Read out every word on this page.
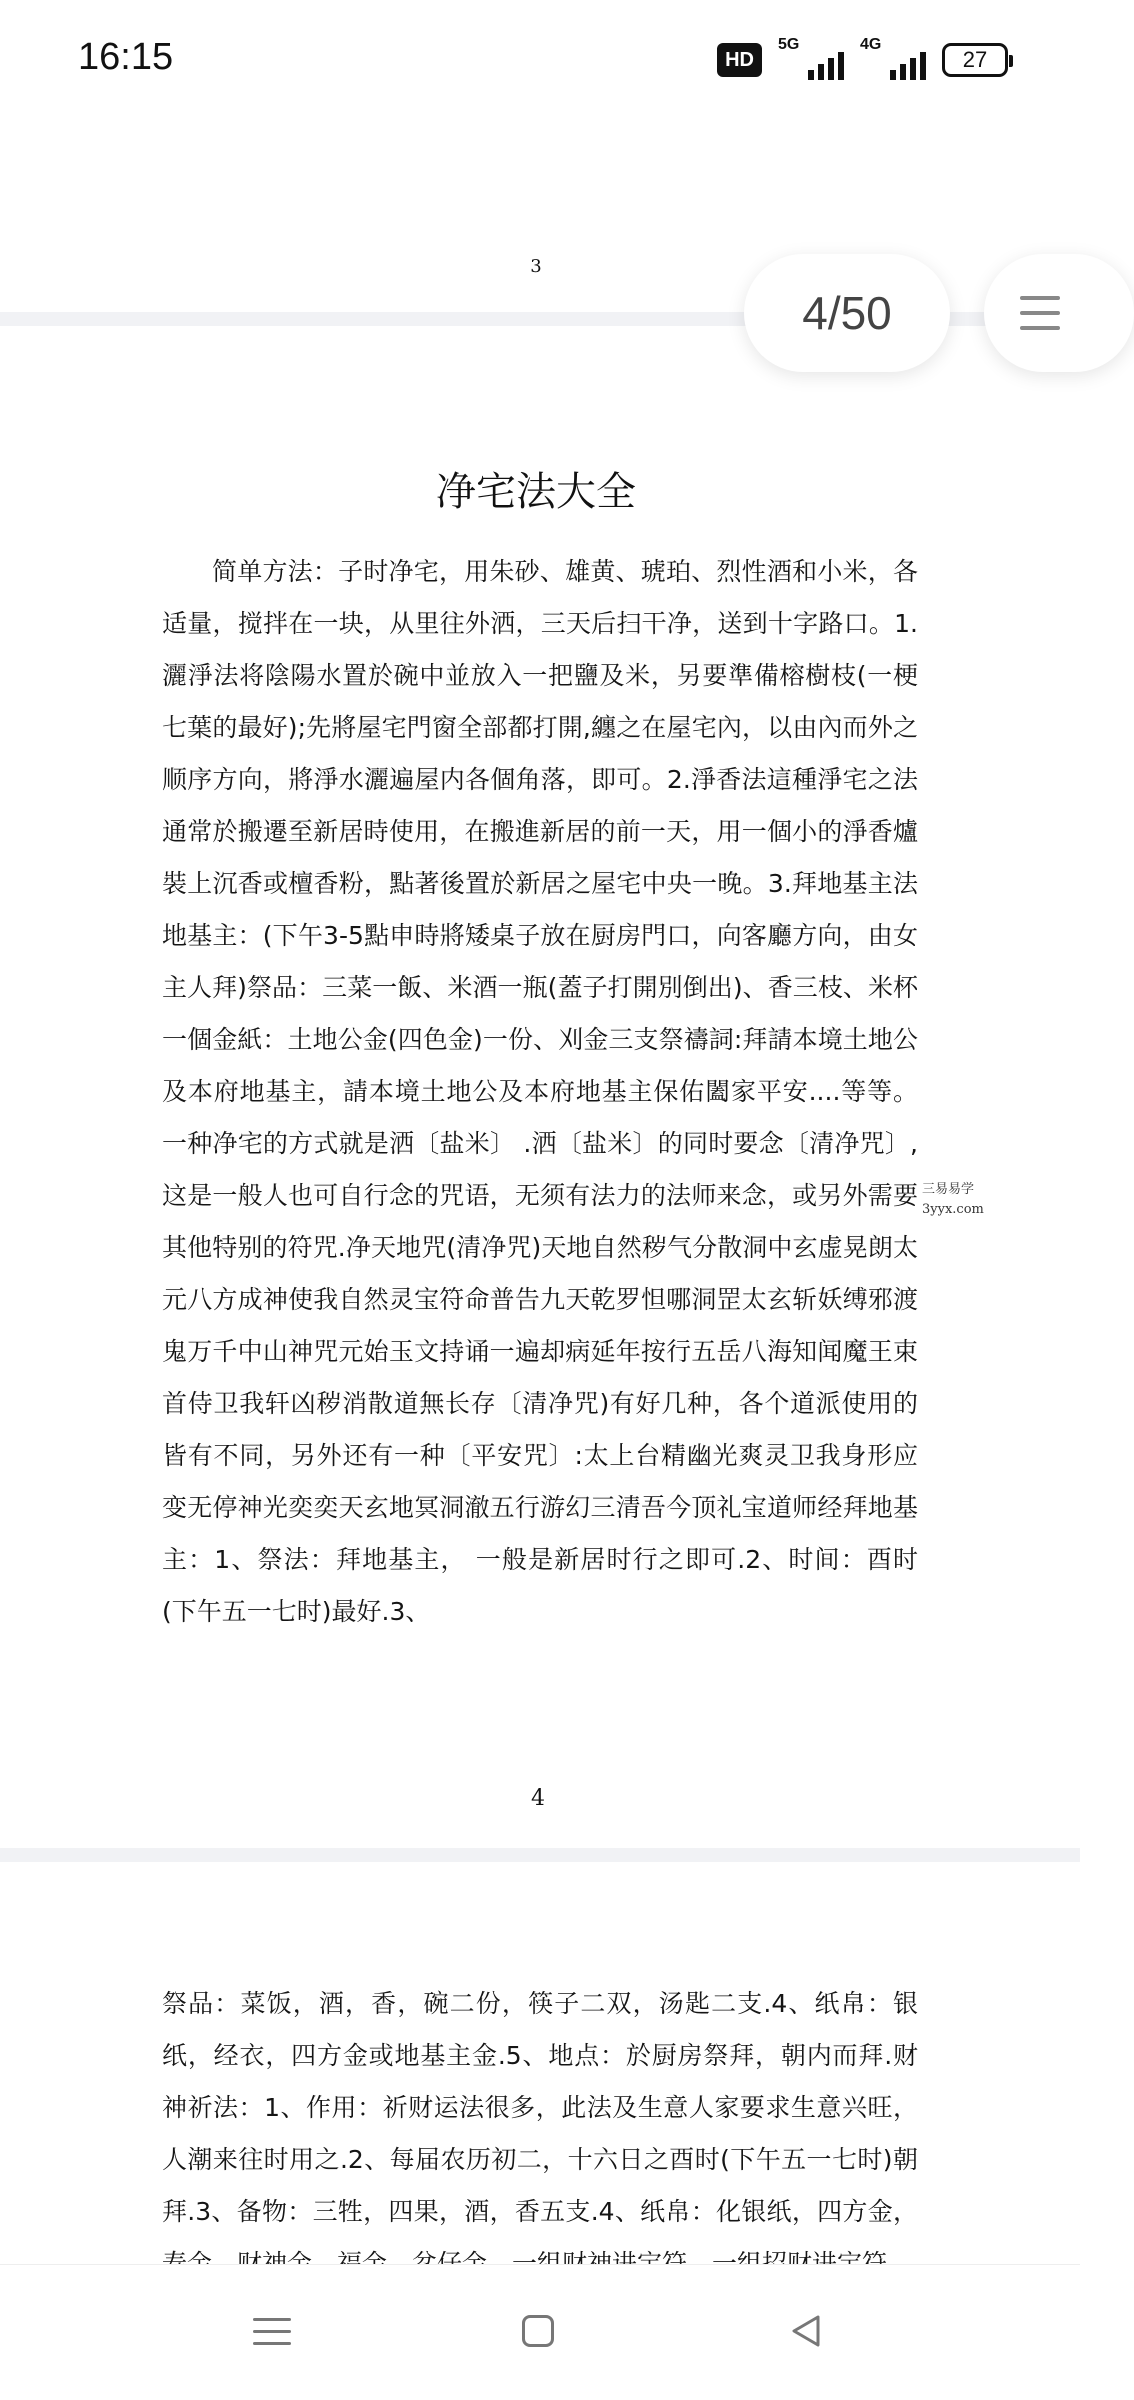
16:15	HD
5G	4G
27
3
4/50
净宅法大全
简单方法：子时净宅，用朱砂、雄黄、琥珀、烈性酒和小米，各适量，搅拌在一块，从里往外洒，三天后扫干净，送到十字路口。1.灑淨法将陰陽水置於碗中並放入一把鹽及米，另要準備榕樹枝(一梗七葉的最好);先將屋宅門窗全部都打開,纏之在屋宅內，以由內而外之顺序方向，將淨水灑遍屋内各個角落，即可。2.淨香法這種淨宅之法通常於搬遷至新居時使用，在搬進新居的前一天，用一個小的淨香爐裝上沉香或檀香粉，點著後置於新居之屋宅中央一晚。3.拜地基主法地基主：(下午3-5點申時將矮桌子放在厨房門口，向客廳方向，由女主人拜)祭品：三菜一飯、米酒一瓶(蓋子打開別倒出)、香三枝、米杯一個金紙：土地公金(四色金)一份、刈金三支祭禱詞:拜請本境土地公及本府地基主，請本境土地公及本府地基主保佑闔家平安....等等。一种净宅的方式就是洒〔盐米〕 .洒〔盐米〕的同时要念〔清净咒〕,这是一般人也可自行念的咒语，无须有法力的法师来念，或另外需要其他特别的符咒.净天地咒(清净咒)天地自然秽气分散洞中玄虚晃朗太元八方成神使我自然灵宝符命普告九天乾罗怛哪洞罡太玄斩妖缚邪渡鬼万千中山神咒元始玉文持诵一遍却病延年按行五岳八海知闻魔王束首侍卫我轩凶秽消散道無长存〔清净咒)有好几种，各个道派使用的皆有不同，另外还有一种〔平安咒〕:太上台精幽光爽灵卫我身形应变无停神光奕奕天玄地冥洞澈五行游幻三清吾今顶礼宝道师经拜地基主：1、祭法：拜地基主， 一般是新居时行之即可.2、时间：酉时(下午五一七时)最好.3、
三易易学
3yyx.com
4
祭品：菜饭，酒，香，碗二份，筷子二双，汤匙二支.4、纸帛：银纸，经衣，四方金或地基主金.5、地点：於厨房祭拜，朝内而拜.财神祈法：1、作用：祈财运法很多，此法及生意人家要求生意兴旺，人潮来往时用之.2、每届农历初二，十六日之酉时(下午五一七时)朝拜.3、备物：三牲，四果，酒，香五支.4、纸帛：化银纸，四方金，
